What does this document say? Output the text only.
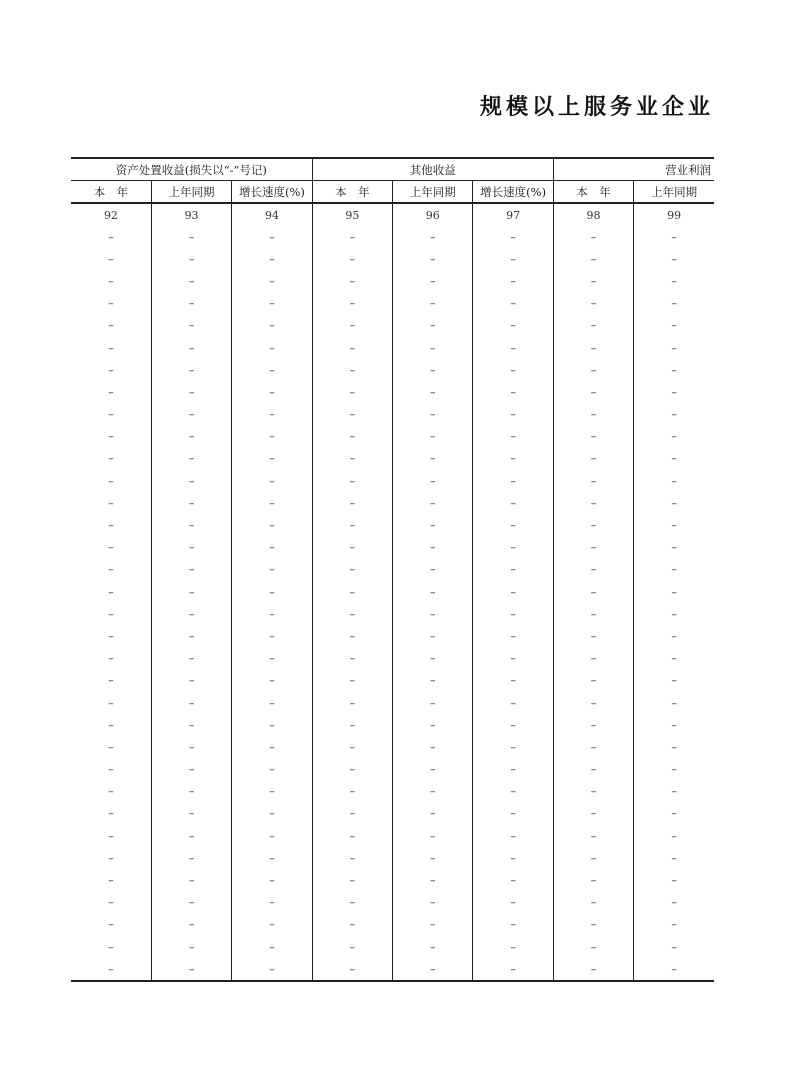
规模以上服务业企业
资产处置收益(损失以“-”号记)			其他收益			营业利润	
本　年	上年同期	增长速度(%)	本　年	上年同期	增长速度(%)	本　年	上年同期
92	93	94	95	96	97	98	99
–	–	–	–	–	–	–	–
–	–	–	–	–	–	–	–
–	–	–	–	–	–	–	–
–	–	–	–	–	–	–	–
–	–	–	–	–	–	–	–
–	–	–	–	–	–	–	–
–	–	–	–	–	–	–	–
–	–	–	–	–	–	–	–
–	–	–	–	–	–	–	–
–	–	–	–	–	–	–	–
–	–	–	–	–	–	–	–
–	–	–	–	–	–	–	–
–	–	–	–	–	–	–	–
–	–	–	–	–	–	–	–
–	–	–	–	–	–	–	–
–	–	–	–	–	–	–	–
–	–	–	–	–	–	–	–
–	–	–	–	–	–	–	–
–	–	–	–	–	–	–	–
–	–	–	–	–	–	–	–
–	–	–	–	–	–	–	–
–	–	–	–	–	–	–	–
–	–	–	–	–	–	–	–
–	–	–	–	–	–	–	–
–	–	–	–	–	–	–	–
–	–	–	–	–	–	–	–
–	–	–	–	–	–	–	–
–	–	–	–	–	–	–	–
–	–	–	–	–	–	–	–
–	–	–	–	–	–	–	–
–	–	–	–	–	–	–	–
–	–	–	–	–	–	–	–
–	–	–	–	–	–	–	–
–	–	–	–	–	–	–	–
